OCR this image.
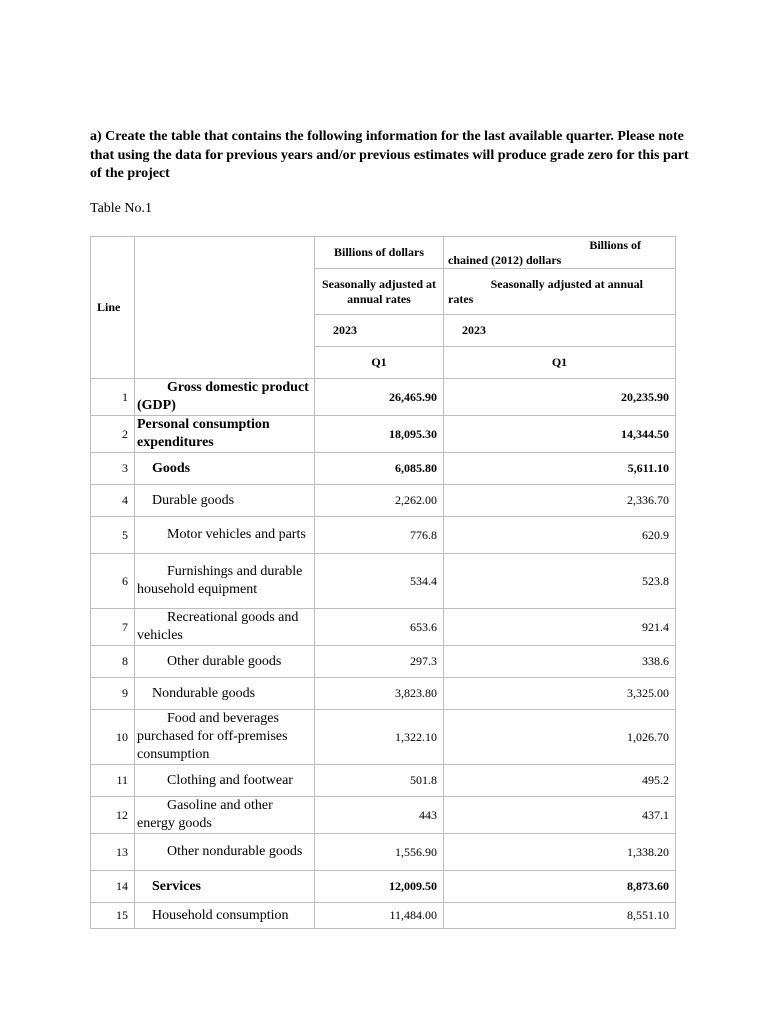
a) Create the table that contains the following information for the last available quarter. Please note that using the data for previous years and/or previous estimates will produce grade zero for this part of the project
Table No.1
Line		Billions of dollars	Billions of
chained (2012) dollars

		Seasonally adjusted at annual rates	Seasonally adjusted at annual
rates

		2023	2023
		Q1	Q1
1	Gross domestic product (GDP)	26,465.90	20,235.90
2	Personal consumption expenditures	18,095.30	14,344.50
3	Goods	6,085.80	5,611.10
4	Durable goods	2,262.00	2,336.70
5	Motor vehicles and parts	776.8	620.9
6	Furnishings and durable household equipment	534.4	523.8
7	Recreational goods and vehicles	653.6	921.4
8	Other durable goods	297.3	338.6
9	Nondurable goods	3,823.80	3,325.00
10	Food and beverages purchased for off-premises consumption	1,322.10	1,026.70
11	Clothing and footwear	501.8	495.2
12	Gasoline and other energy goods	443	437.1
13	Other nondurable goods	1,556.90	1,338.20
14	Services	12,009.50	8,873.60
15	Household consumption	11,484.00	8,551.10
